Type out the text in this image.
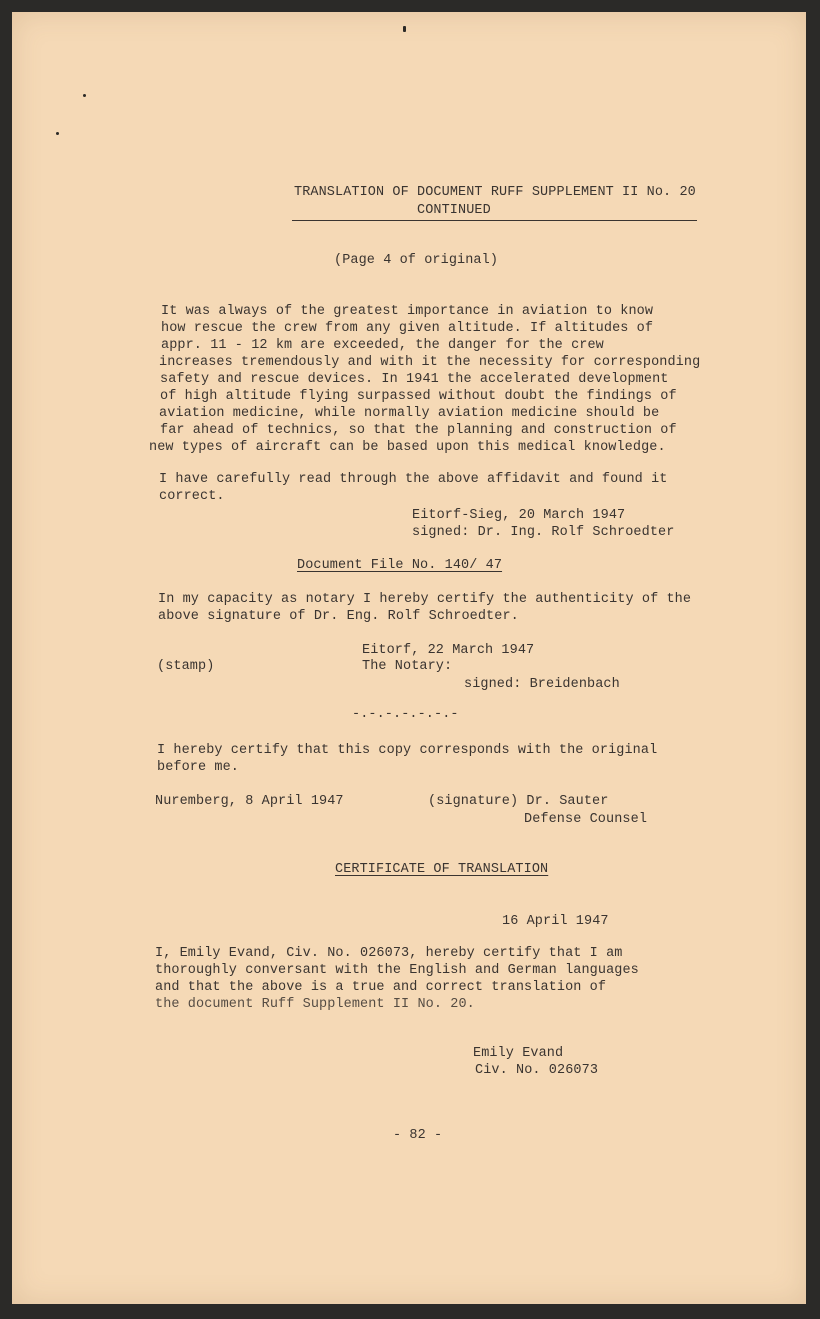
TRANSLATION OF DOCUMENT RUFF SUPPLEMENT II No. 20
CONTINUED
(Page 4 of original)
It was always of the greatest importance in aviation to know
how rescue the crew from any given altitude. If altitudes of
appr. 11 - 12 km are exceeded, the danger for the crew
increases tremendously and with it the necessity for corresponding
safety and rescue devices. In 1941 the accelerated development
of high altitude flying surpassed without doubt the findings of
aviation medicine, while normally aviation medicine should be
far ahead of technics, so that the planning and construction of
new types of aircraft can be based upon this medical knowledge.
I have carefully read through the above affidavit and found it
correct.
Eitorf-Sieg, 20 March 1947
signed: Dr. Ing. Rolf Schroedter
Document File No. 140/ 47
In my capacity as notary I hereby certify the authenticity of the
above signature of Dr. Eng. Rolf Schroedter.
Eitorf, 22 March 1947
(stamp)	The Notary:
signed: Breidenbach
-.-.-.-.-.-.-
I hereby certify that this copy corresponds with the original
before me.
Nuremberg, 8 April 1947	(signature) Dr. Sauter
Defense Counsel
CERTIFICATE OF TRANSLATION
16 April 1947
I, Emily Evand, Civ. No. 026073, hereby certify that I am
thoroughly conversant with the English and German languages
and that the above is a true and correct translation of
the document Ruff Supplement II No. 20.
Emily Evand
Civ. No. 026073
- 82 -
